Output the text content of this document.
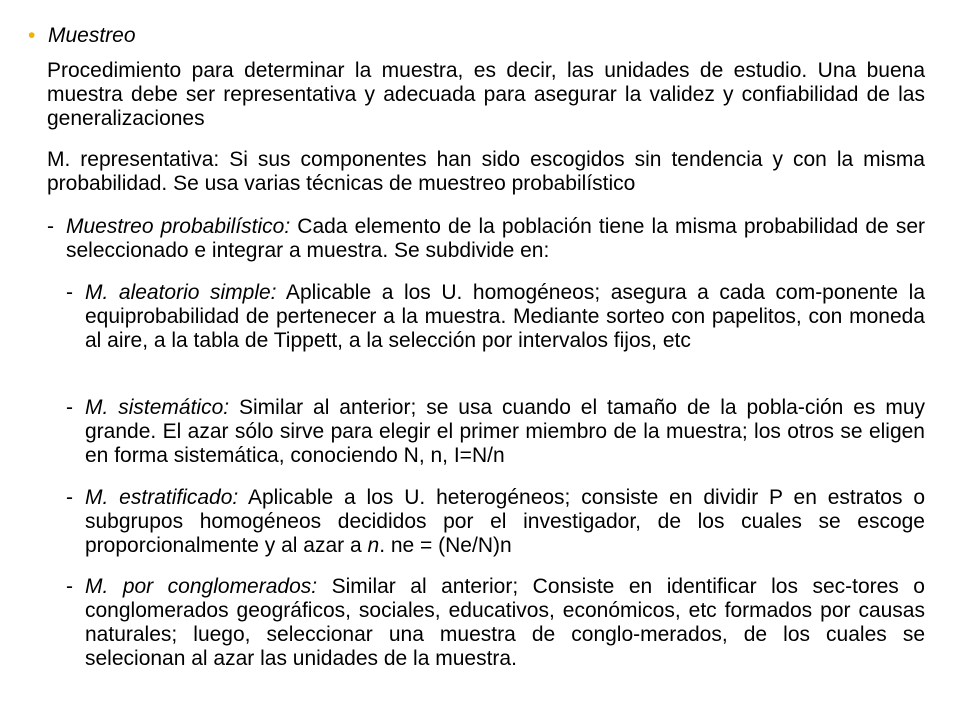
• Muestreo
Procedimiento para determinar la muestra, es decir, las unidades de estudio. Una buena muestra debe ser representativa y adecuada para asegurar la validez y confiabilidad de las generalizaciones
M. representativa: Si sus componentes han sido escogidos sin tendencia y con la misma probabilidad. Se usa varias técnicas de muestreo probabilístico
- Muestreo probabilístico: Cada elemento de la población tiene la misma probabilidad de ser seleccionado e integrar a muestra. Se subdivide en:
- M. aleatorio simple: Aplicable a los U. homogéneos; asegura a cada com-ponente la equiprobabilidad de pertenecer a la muestra. Mediante sorteo con papelitos, con moneda al aire, a la tabla de Tippett, a la selección por intervalos fijos, etc
- M. sistemático: Similar al anterior; se usa cuando el tamaño de la pobla-ción es muy grande. El azar sólo sirve para elegir el primer miembro de la muestra; los otros se eligen en forma sistemática, conociendo N, n, I=N/n
- M. estratificado: Aplicable a los U. heterogéneos; consiste en dividir P en estratos o subgrupos homogéneos decididos por el investigador, de los cuales se escoge proporcionalmente y al azar a n. ne = (Ne/N)n
- M. por conglomerados: Similar al anterior; Consiste en identificar los sec-tores o conglomerados geográficos, sociales, educativos, económicos, etc formados por causas naturales; luego, seleccionar una muestra de conglo-merados, de los cuales se selecionan al azar las unidades de la muestra.
